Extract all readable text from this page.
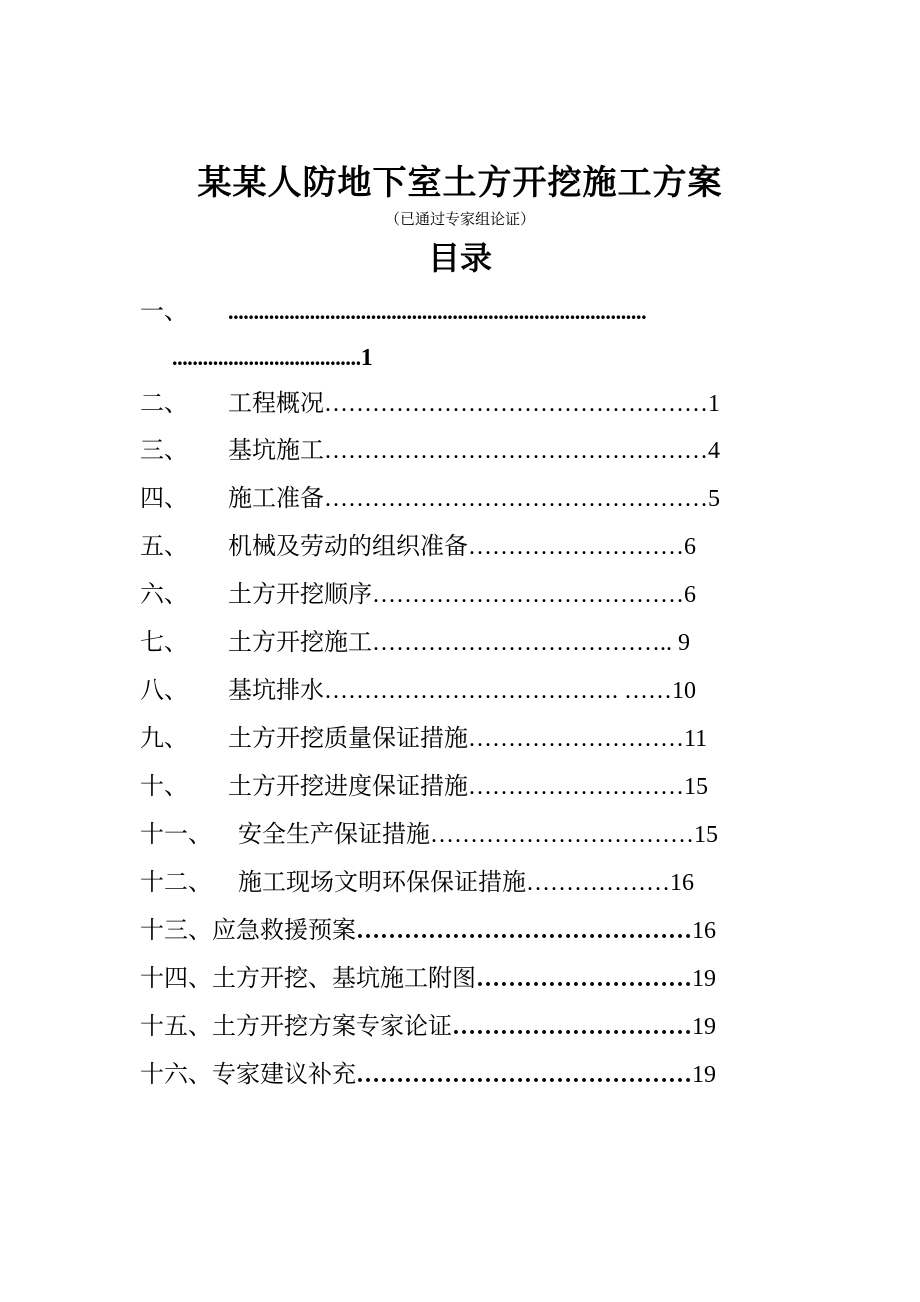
某某人防地下室土方开挖施工方案
（已通过专家组论证）
目录
一、 ..................................................................................
.....................................1
二、 工程概况…………………………………………1
三、 基坑施工…………………………………………4
四、 施工准备…………………………………………5
五、 机械及劳动的组织准备………………………6
六、 土方开挖顺序…………………………………6
七、 土方开挖施工……………………………….. 9
八、 基坑排水………………………………. ……10
九、 土方开挖质量保证措施………………………11
十、 土方开挖进度保证措施………………………15
十一、 安全生产保证措施……………………………15
十二、 施工现场文明环保保证措施………………16
十三、应急救援预案……………………………………16
十四、土方开挖、基坑施工附图………………………19
十五、土方开挖方案专家论证…………………………19
十六、专家建议补充……………………………………19
